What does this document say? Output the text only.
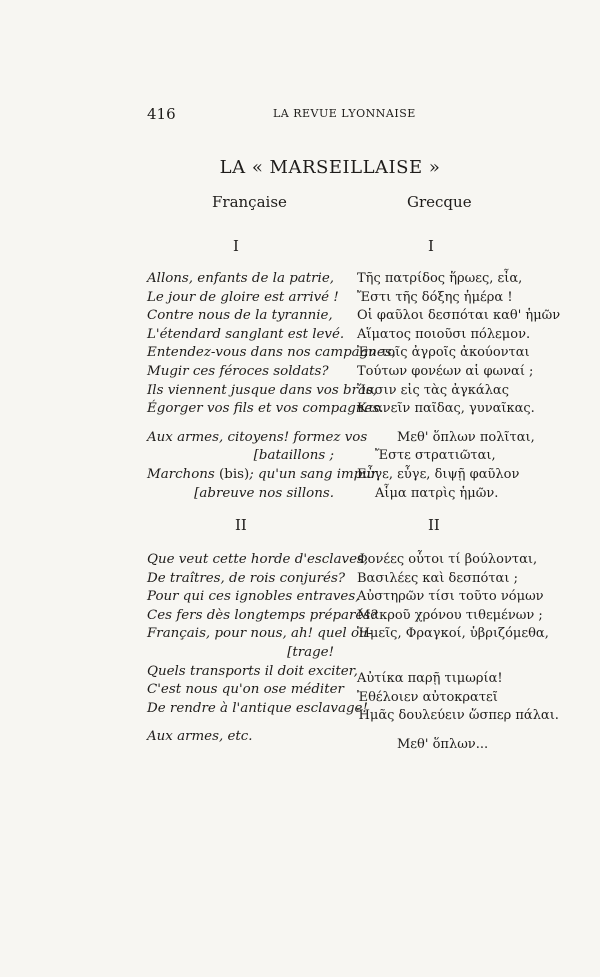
416	LA REVUE LYONNAISE
LA « MARSEILLAISE »
Française	Grecque
I	I
Allons, enfants de la patrie,
Le jour de gloire est arrivé !
Contre nous de la tyrannie,
L'étendard sanglant est levé.
Entendez-vous dans nos campagnes,
Mugir ces féroces soldats?
Ils viennent jusque dans vos bras,
Égorger vos fils et vos compagnes.
Aux armes, citoyens! formez vos
[bataillons ;
Marchons (bis); qu'un sang impur
[abreuve nos sillons.
Τῆς πατρίδος ἥρωες, εἶα,
Ἔστι τῆς δόξης ἡμέρα !
Οἱ φαῦλοι δεσπόται καθ' ἡμῶν
Αἵματος ποιοῦσι πόλεμον.
Ἐν τοῖς ἀγροῖς ἀκούονται
Τούτων φονέων αἱ φωναί ;
Ἴασιν εἰς τὰς ἀγκάλας
Κτανεῖν παῖδας, γυναῖκας.
Μεθ' ὅπλων πολῖται,
Ἔστε στρατιῶται,
Εὖγε, εὖγε, διψῇ φαῦλον
Αἷμα πατρὶς ἡμῶν.
II	II
Que veut cette horde d'esclaves,
De traîtres, de rois conjurés?
Pour qui ces ignobles entraves,
Ces fers dès longtemps préparés?
Français, pour nous, ah! quel ou-
[trage!
Quels transports il doit exciter,
C'est nous qu'on ose méditer
De rendre à l'antique esclavage!
Aux armes, etc.
Φονέες οὗτοι τί βούλονται,
Βασιλέες καὶ δεσπόται ;
Αὐστηρῶν τίσι τοῦτο νόμων
Μακροῦ χρόνου τιθεμένων ;
Ἡμεῖς, Φραγκοί, ὑβριζόμεθα,
Αὐτίκα παρῇ τιμωρία!
Ἐθέλοιεν αὐτοκρατεῖ
Ἡμᾶς δουλεύειν ὥσπερ πάλαι.
Μεθ' ὅπλων...
